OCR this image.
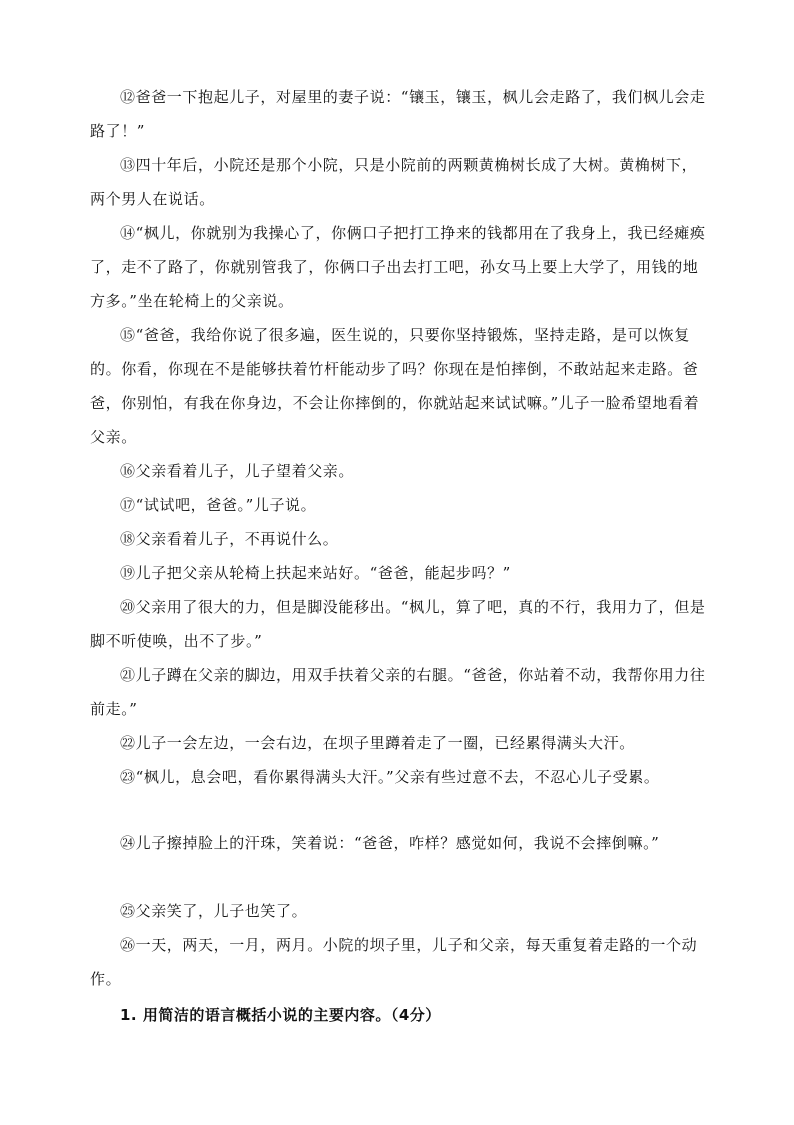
⑫爸爸一下抱起儿子，对屋里的妻子说：“镶玉，镶玉，枫儿会走路了，我们枫儿会走路了！”

⑬四十年后，小院还是那个小院，只是小院前的两颗黄桷树长成了大树。黄桷树下，两个男人在说话。

⑭“枫儿，你就别为我操心了，你俩口子把打工挣来的钱都用在了我身上，我已经瘫痪了，走不了路了，你就别管我了，你俩口子出去打工吧，孙女马上要上大学了，用钱的地方多。”坐在轮椅上的父亲说。

⑮“爸爸，我给你说了很多遍，医生说的，只要你坚持锻炼，坚持走路，是可以恢复的。你看，你现在不是能够扶着竹杆能动步了吗？你现在是怕摔倒，不敢站起来走路。爸爸，你别怕，有我在你身边，不会让你摔倒的，你就站起来试试嘛。”儿子一脸希望地看着父亲。

⑯父亲看着儿子，儿子望着父亲。

⑰“试试吧，爸爸。”儿子说。

⑱父亲看着儿子，不再说什么。

⑲儿子把父亲从轮椅上扶起来站好。“爸爸，能起步吗？”

⑳父亲用了很大的力，但是脚没能移出。“枫儿，算了吧，真的不行，我用力了，但是脚不听使唤，出不了步。”

㉑儿子蹲在父亲的脚边，用双手扶着父亲的右腿。“爸爸，你站着不动，我帮你用力往前走。”

㉒儿子一会左边，一会右边，在坝子里蹲着走了一圈，已经累得满头大汗。

㉓“枫儿，息会吧，看你累得满头大汗。”父亲有些过意不去，不忍心儿子受累。

㉔儿子擦掉脸上的汗珠，笑着说：“爸爸，咋样？感觉如何，我说不会摔倒嘛。”

㉕父亲笑了，儿子也笑了。

㉖一天，两天，一月，两月。小院的坝子里，儿子和父亲，每天重复着走路的一个动作。

1. 用简洁的语言概括小说的主要内容。（4分）
